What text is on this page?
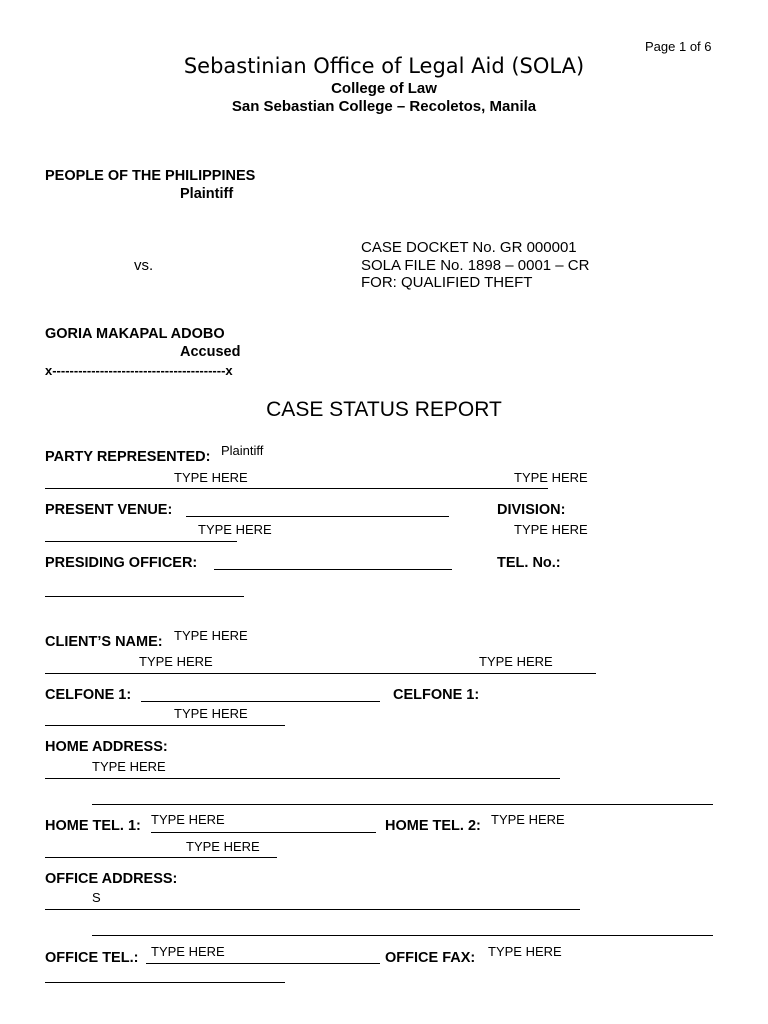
Page 1 of 6
Sebastinian Office of Legal Aid (SOLA)
College of Law
San Sebastian College – Recoletos, Manila
PEOPLE OF THE PHILIPPINES
Plaintiff
vs.
CASE DOCKET No. GR 000001
SOLA FILE No. 1898 – 0001 – CR
FOR: QUALIFIED THEFT
GORIA MAKAPAL ADOBO
Accused
x----------------------------------------x
CASE STATUS REPORT
PARTY REPRESENTED: Plaintiff
TYPE HERE	TYPE HERE
PRESENT VENUE:	DIVISION:
TYPE HERE	TYPE HERE
PRESIDING OFFICER:	TEL. No.:
CLIENT’S NAME: TYPE HERE
TYPE HERE	TYPE HERE
CELFONE 1:	CELFONE 1:
TYPE HERE
HOME ADDRESS:
TYPE HERE
HOME TEL. 1: TYPE HERE	HOME TEL. 2: TYPE HERE
TYPE HERE
OFFICE ADDRESS:
S
OFFICE TEL.: TYPE HERE	OFFICE FAX: TYPE HERE
